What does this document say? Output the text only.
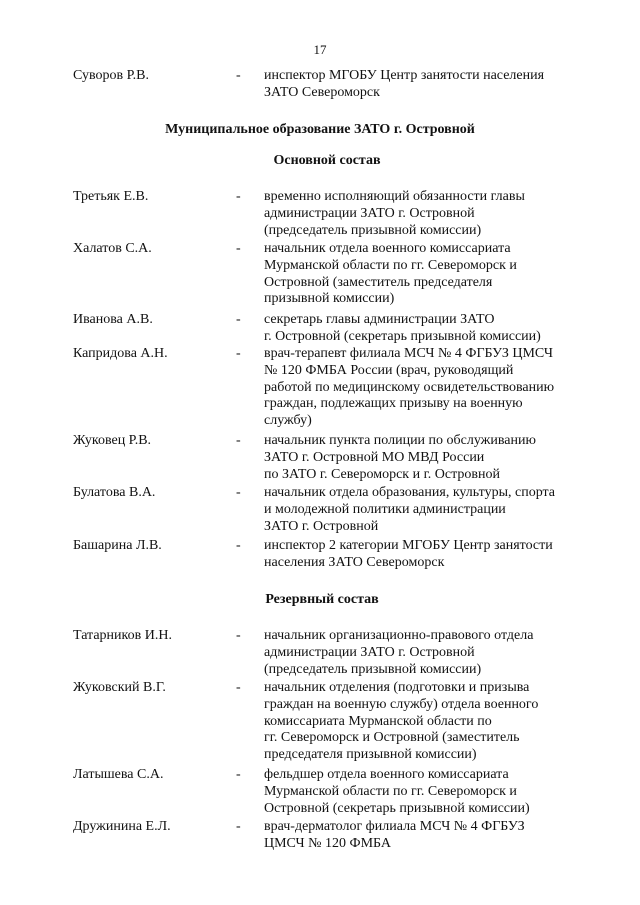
17
Суворов Р.В.	- инспектор МГОБУ Центр занятости населения
ЗАТО Североморск
Муниципальное образование ЗАТО г. Островной
Основной состав
Третьяк Е.В.	- временно исполняющий обязанности главы
администрации ЗАТО г. Островной
(председатель призывной комиссии)
Халатов С.А.	- начальник отдела военного комиссариата
Мурманской области по гг. Североморск и
Островной (заместитель председателя
призывной комиссии)
Иванова А.В.	- секретарь главы администрации ЗАТО
г. Островной (секретарь призывной комиссии)
Капридова А.Н.	- врач-терапевт филиала МСЧ № 4 ФГБУЗ ЦМСЧ
№ 120 ФМБА России (врач, руководящий
работой по медицинскому освидетельствованию
граждан, подлежащих призыву на военную
службу)
Жуковец Р.В.	- начальник пункта полиции по обслуживанию
ЗАТО г. Островной МО МВД России
по ЗАТО г. Североморск и г. Островной
Булатова В.А.	- начальник отдела образования, культуры, спорта
и молодежной политики администрации
ЗАТО г. Островной
Башарина Л.В.	- инспектор 2 категории МГОБУ Центр занятости
населения ЗАТО Североморск
Резервный состав
Татарников И.Н.	- начальник организационно-правового отдела
администрации ЗАТО г. Островной
(председатель призывной комиссии)
Жуковский В.Г.	- начальник отделения (подготовки и призыва
граждан на военную службу) отдела военного
комиссариата Мурманской области по
гг. Североморск и Островной (заместитель
председателя призывной комиссии)
Латышева С.А.	- фельдшер отдела военного комиссариата
Мурманской области по гг. Североморск и
Островной (секретарь призывной комиссии)
Дружинина Е.Л.	- врач-дерматолог филиала МСЧ № 4 ФГБУЗ
ЦМСЧ № 120 ФМБА
